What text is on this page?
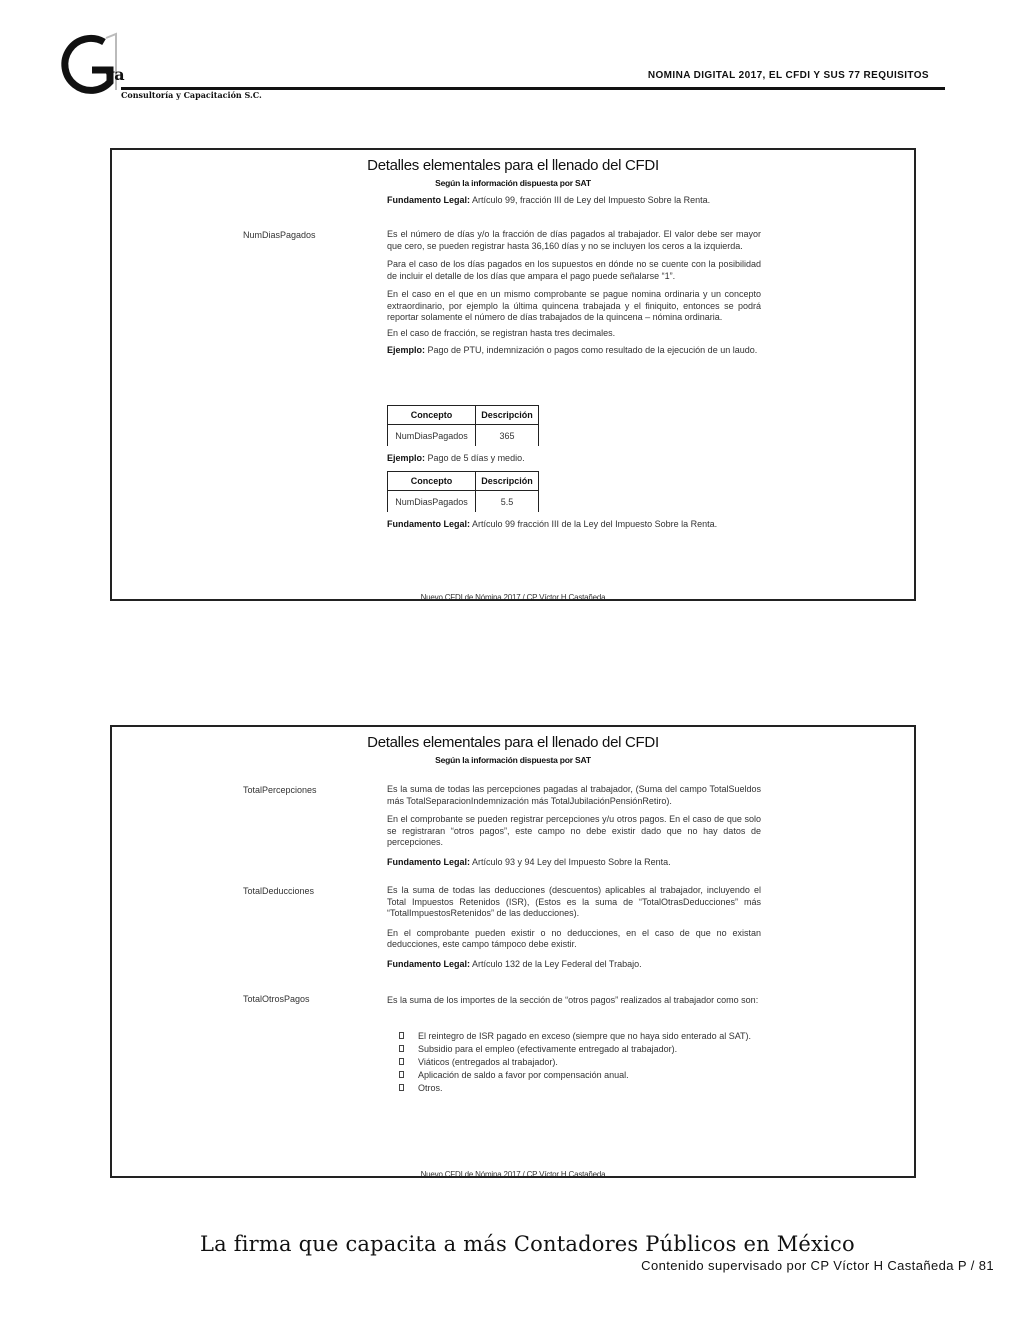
va
Consultoría y Capacitación S.C.
NOMINA DIGITAL 2017, EL CFDI Y SUS 77 REQUISITOS
Detalles elementales para el llenado del CFDI
Según la información dispuesta por SAT
Fundamento Legal: Artículo 99, fracción III de Ley del Impuesto Sobre la Renta.
NumDiasPagados	Es el número de días y/o la fracción de días pagados al trabajador. El valor debe ser mayor que cero, se pueden registrar hasta 36,160 días y no se incluyen los ceros a la izquierda.

Para el caso de los días pagados en los supuestos en dónde no se cuente con la posibilidad de incluir el detalle de los días que ampara el pago puede señalarse “1”.

En el caso en el que en un mismo comprobante se pague nomina ordinaria y un concepto extraordinario, por ejemplo la última quincena trabajada y el finiquito, entonces se podrá reportar solamente el número de días trabajados de la quincena – nómina ordinaria.

En el caso de fracción, se registran hasta tres decimales.

Ejemplo: Pago de PTU, indemnización o pagos como resultado de la ejecución de un laudo.

Concepto	Descripción
NumDiasPagados	365
Ejemplo: Pago de 5 días y medio.
Concepto	Descripción
NumDiasPagados	5.5
Fundamento Legal: Artículo 99 fracción III de la Ley del Impuesto Sobre la Renta.
Nuevo CFDI de Nómina 2017 / CP Víctor H Castañeda
Detalles elementales para el llenado del CFDI
Según la información dispuesta por SAT
TotalPercepciones	Es la suma de todas las percepciones pagadas al trabajador, (Suma del campo TotalSueldos más TotalSeparacionIndemnización más TotalJubilaciónPensiónRetiro).

En el comprobante se pueden registrar percepciones y/u otros pagos. En el caso de que solo se registraran “otros pagos”, este campo no debe existir dado que no hay datos de percepciones.

Fundamento Legal: Artículo 93 y 94 Ley del Impuesto Sobre la Renta.

TotalDeducciones	Es la suma de todas las deducciones (descuentos) aplicables al trabajador, incluyendo el Total Impuestos Retenidos (ISR), (Estos es la suma de “TotalOtrasDeducciones” más “TotalImpuestosRetenidos” de las deducciones).

En el comprobante pueden existir o no deducciones, en el caso de que no existan deducciones, este campo támpoco debe existir.

Fundamento Legal: Artículo 132 de la Ley Federal del Trabajo.

TotalOtrosPagos	Es la suma de los importes de la sección de “otros pagos” realizados al trabajador como son:

El reintegro de ISR pagado en exceso (siempre que no haya sido enterado al SAT).
Subsidio para el empleo (efectivamente entregado al trabajador).
Viáticos (entregados al trabajador).
Aplicación de saldo a favor por compensación anual.
Otros.
Nuevo CFDI de Nómina 2017 / CP Víctor H Castañeda
La firma que capacita a más Contadores Públicos en México
Contenido supervisado por CP Víctor H Castañeda P / 81
